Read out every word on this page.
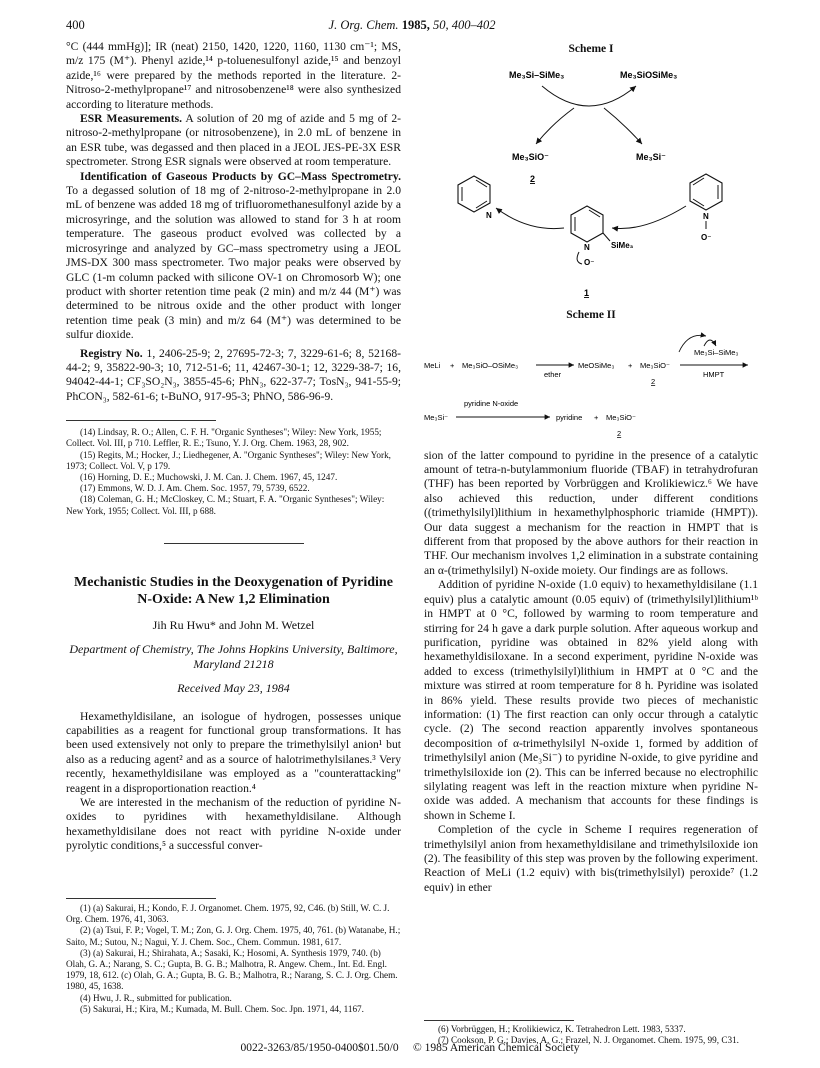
400	J. Org. Chem. 1985, 50, 400–402

°C (444 mmHg)]; IR (neat) 2150, 1420, 1220, 1160, 1130 cm⁻¹; MS, m/z 175 (M⁺). Phenyl azide,¹⁴ p-toluenesulfonyl azide,¹⁵ and benzoyl azide,¹⁶ were prepared by the methods reported in the literature. 2-Nitroso-2-methylpropane¹⁷ and nitrosobenzene¹⁸ were also synthesized according to literature methods.

ESR Measurements. A solution of 20 mg of azide and 5 mg of 2-nitroso-2-methylpropane (or nitrosobenzene), in 2.0 mL of benzene in an ESR tube, was degassed and then placed in a JEOL JES-PE-3X ESR spectrometer. Strong ESR signals were observed at room temperature.

Identification of Gaseous Products by GC–Mass Spectrometry. To a degassed solution of 18 mg of 2-nitroso-2-methylpropane in 2.0 mL of benzene was added 18 mg of trifluoromethanesulfonyl azide by a microsyringe, and the solution was allowed to stand for 3 h at room temperature. The gaseous product evolved was collected by a microsyringe and analyzed by GC–mass spectrometry using a JEOL JMS-DX 300 mass spectrometer. Two major peaks were observed by GLC (1-m column packed with silicone OV-1 on Chromosorb W); one product with shorter retention time peak (2 min) and m/z 44 (M⁺) was determined to be nitrous oxide and the other product with longer retention time peak (3 min) and m/z 64 (M⁺) was determined to be sulfur dioxide.

Registry No. 1, 2406-25-9; 2, 27695-72-3; 7, 3229-61-6; 8, 52168-44-2; 9, 35822-90-3; 10, 712-51-6; 11, 42467-30-1; 12, 3229-38-7; 16, 94042-44-1; CF₃SO₂N₃, 3855-45-6; PhN₃, 622-37-7; TosN₃, 941-55-9; PhCON₃, 582-61-6; t-BuNO, 917-95-3; PhNO, 586-96-9.

(14) Lindsay, R. O.; Allen, C. F. H. "Organic Syntheses"; Wiley: New York, 1955; Collect. Vol. III, p 710. Leffler, R. E.; Tsuno, Y. J. Org. Chem. 1963, 28, 902.
(15) Regits, M.; Hocker, J.; Liedhegener, A. "Organic Syntheses"; Wiley: New York, 1973; Collect. Vol. V, p 179.
(16) Horning, D. E.; Muchowski, J. M. Can. J. Chem. 1967, 45, 1247.
(17) Emmons, W. D. J. Am. Chem. Soc. 1957, 79, 5739, 6522.
(18) Coleman, G. H.; McCloskey, C. M.; Stuart, F. A. "Organic Syntheses"; Wiley: New York, 1955; Collect. Vol. III, p 688.
Mechanistic Studies in the Deoxygenation of Pyridine N-Oxide: A New 1,2 Elimination
Jih Ru Hwu* and John M. Wetzel
Department of Chemistry, The Johns Hopkins University, Baltimore, Maryland 21218
Received May 23, 1984

Hexamethyldisilane, an isologue of hydrogen, possesses unique capabilities as a reagent for functional group transformations. It has been used extensively not only to prepare the trimethylsilyl anion¹ but also as a reducing agent² and as a source of halotrimethylsilanes.³ Very recently, hexamethyldisilane was employed as a "counterattacking" reagent in a disproportionation reaction.⁴

We are interested in the mechanism of the reduction of pyridine N-oxides to pyridines with hexamethyldisilane. Although hexamethyldisilane does not react with pyridine N-oxide under pyrolytic conditions,⁵ a successful conver-

(1) (a) Sakurai, H.; Kondo, F. J. Organomet. Chem. 1975, 92, C46. (b) Still, W. C. J. Org. Chem. 1976, 41, 3063.
(2) (a) Tsui, F. P.; Vogel, T. M.; Zon, G. J. Org. Chem. 1975, 40, 761. (b) Watanabe, H.; Saito, M.; Sutou, N.; Nagui, Y. J. Chem. Soc., Chem. Commun. 1981, 617.
(3) (a) Sakurai, H.; Shirahata, A.; Sasaki, K.; Hosomi, A. Synthesis 1979, 740. (b) Olah, G. A.; Narang, S. C.; Gupta, B. G. B.; Malhotra, R. Angew. Chem., Int. Ed. Engl. 1979, 18, 612. (c) Olah, G. A.; Gupta, B. G. B.; Malhotra, R.; Narang, S. C. J. Org. Chem. 1980, 45, 1638.
(4) Hwu, J. R., submitted for publication.
(5) Sakurai, H.; Kira, M.; Kumada, M. Bull. Chem. Soc. Jpn. 1971, 44, 1167.
Scheme I
Me₃Si–SiMe₃	Me₃SiOSiMe₃
Me₃SiO⁻
2
Me₃Si⁻
N	N
O⁻
N	SiMe₃
O⁻
1
Scheme II
Me₃Si–SiMe₃
MeLi + Me₃SiO–OSiMe₃
ether
MeOSiMe₃ + Me₃SiO⁻
2
HMPT
pyridine N-oxide
Me₃Si⁻	pyridine + Me₃SiO⁻
2

sion of the latter compound to pyridine in the presence of a catalytic amount of tetra-n-butylammonium fluoride (TBAF) in tetrahydrofuran (THF) has been reported by Vorbrüggen and Krolikiewicz.⁶ We have also achieved this reduction, under different conditions ((trimethylsilyl)lithium in hexamethylphosphoric triamide (HMPT)). Our data suggest a mechanism for the reaction in HMPT that is different from that proposed by the above authors for their reaction in THF. Our mechanism involves 1,2 elimination in a substrate containing an α-(trimethylsilyl) N-oxide moiety. Our findings are as follows.

Addition of pyridine N-oxide (1.0 equiv) to hexamethyldisilane (1.1 equiv) plus a catalytic amount (0.05 equiv) of (trimethylsilyl)lithium¹ᵇ in HMPT at 0 °C, followed by warming to room temperature and stirring for 24 h gave a dark purple solution. After aqueous workup and purification, pyridine was obtained in 82% yield along with hexamethyldisiloxane. In a second experiment, pyridine N-oxide was added to excess (trimethylsilyl)lithium in HMPT at 0 °C and the mixture was stirred at room temperature for 8 h. Pyridine was isolated in 86% yield. These results provide two pieces of mechanistic information: (1) The first reaction can only occur through a catalytic cycle. (2) The second reaction apparently involves spontaneous decomposition of α-trimethylsilyl N-oxide 1, formed by addition of trimethylsilyl anion (Me₃Si⁻) to pyridine N-oxide, to give pyridine and trimethylsiloxide ion (2). This can be inferred because no electrophilic silylating reagent was left in the reaction mixture when pyridine N-oxide was added. A mechanism that accounts for these findings is shown in Scheme I.

Completion of the cycle in Scheme I requires regeneration of trimethylsilyl anion from hexamethyldisilane and trimethylsiloxide ion (2). The feasibility of this step was proven by the following experiment. Reaction of MeLi (1.2 equiv) with bis(trimethylsilyl) peroxide⁷ (1.2 equiv) in ether

(6) Vorbrüggen, H.; Krolikiewicz, K. Tetrahedron Lett. 1983, 5337.
(7) Cookson, P. G.; Davies, A. G.; Frazel, N. J. Organomet. Chem. 1975, 99, C31.
0022-3263/85/1950-0400$01.50/0 © 1985 American Chemical Society
